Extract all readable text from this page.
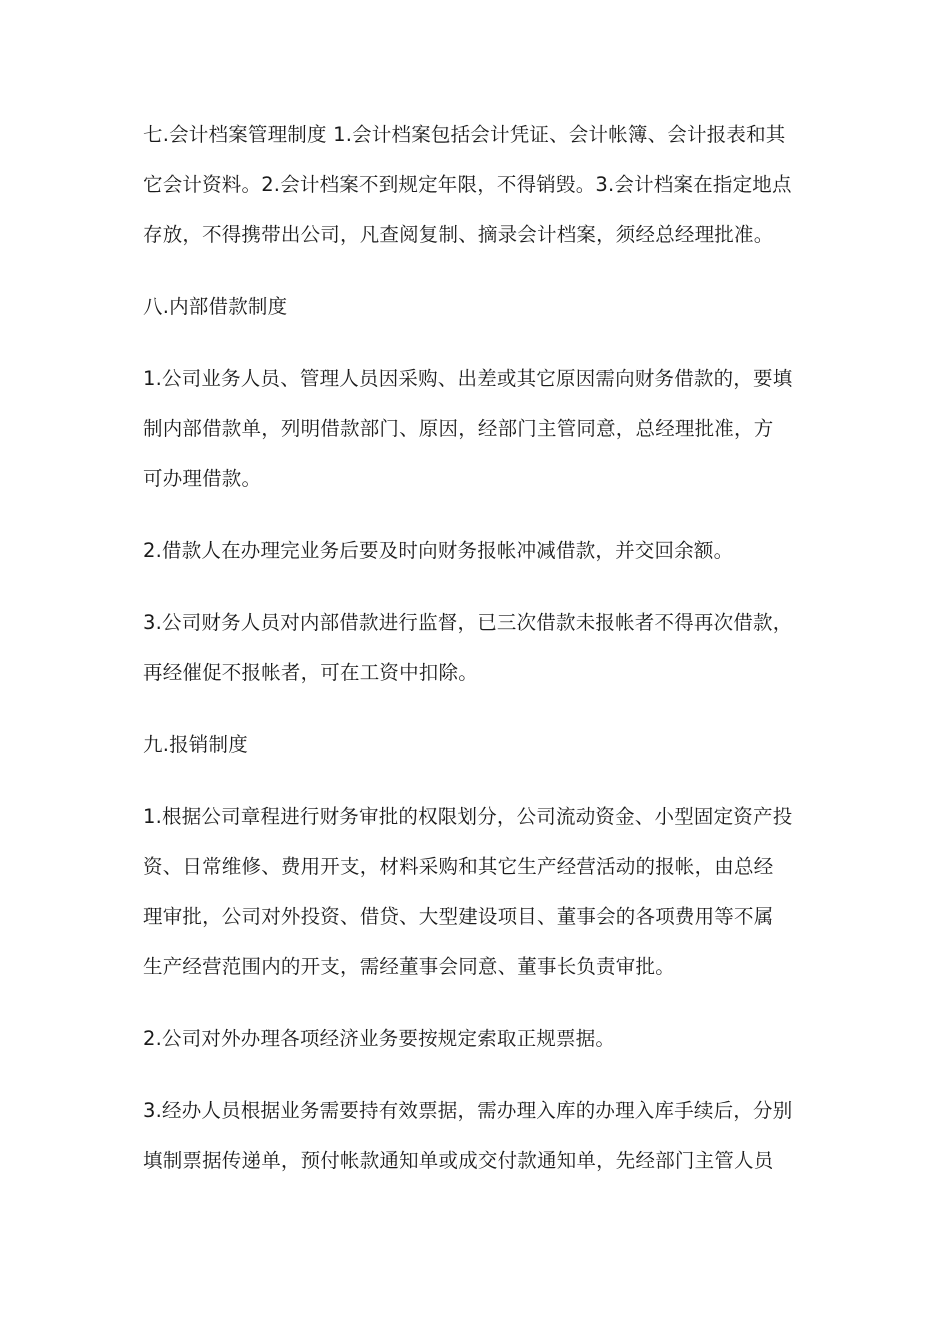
七.会计档案管理制度 1.会计档案包括会计凭证、会计帐簿、会计报表和其
它会计资料。2.会计档案不到规定年限，不得销毁。3.会计档案在指定地点
存放，不得携带出公司，凡查阅复制、摘录会计档案，须经总经理批准。

八.内部借款制度

1.公司业务人员、管理人员因采购、出差或其它原因需向财务借款的，要填
制内部借款单，列明借款部门、原因，经部门主管同意，总经理批准，方
可办理借款。

2.借款人在办理完业务后要及时向财务报帐冲减借款，并交回余额。

3.公司财务人员对内部借款进行监督，已三次借款未报帐者不得再次借款，
再经催促不报帐者，可在工资中扣除。

九.报销制度

1.根据公司章程进行财务审批的权限划分，公司流动资金、小型固定资产投
资、日常维修、费用开支，材料采购和其它生产经营活动的报帐，由总经
理审批，公司对外投资、借贷、大型建设项目、董事会的各项费用等不属
生产经营范围内的开支，需经董事会同意、董事长负责审批。

2.公司对外办理各项经济业务要按规定索取正规票据。

3.经办人员根据业务需要持有效票据，需办理入库的办理入库手续后，分别
填制票据传递单，预付帐款通知单或成交付款通知单，先经部门主管人员
